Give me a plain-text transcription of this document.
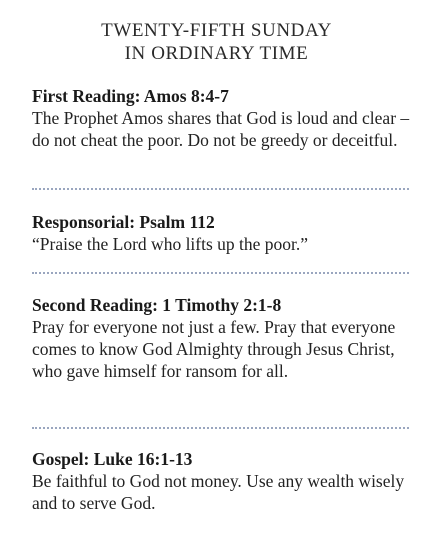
TWENTY-FIFTH SUNDAY
IN ORDINARY TIME
First Reading: Amos 8:4-7
The Prophet Amos shares that God is loud and clear – do not cheat the poor. Do not be greedy or deceitful.
Responsorial: Psalm 112
“Praise the Lord who lifts up the poor.”
Second Reading: 1 Timothy 2:1-8
Pray for everyone not just a few. Pray that everyone comes to know God Almighty through Jesus Christ, who gave himself for ransom for all.
Gospel: Luke 16:1-13
Be faithful to God not money. Use any wealth wisely and to serve God.
